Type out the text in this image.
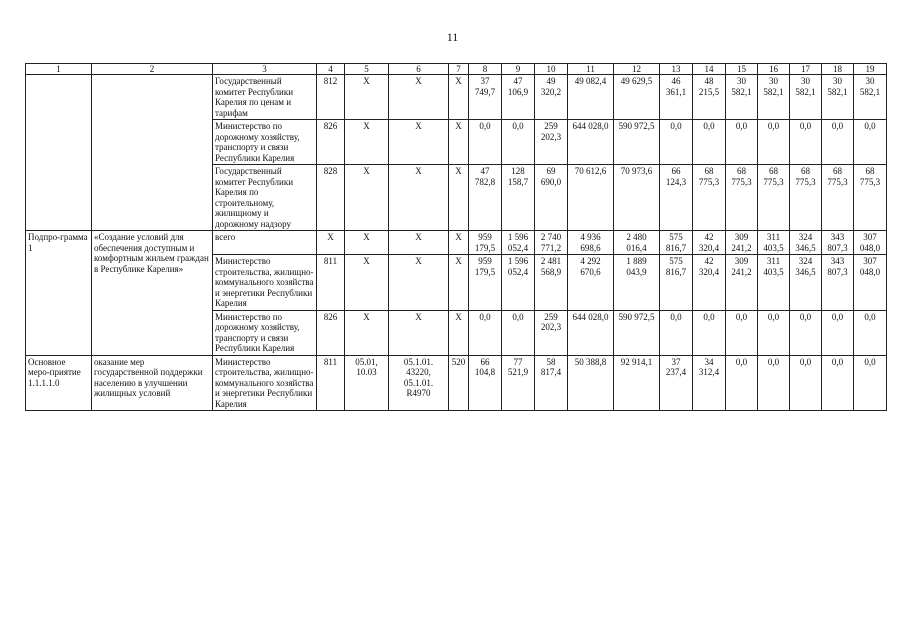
11
1	2	3	4	5	6	7	8	9	10	11	12	13	14	15	16	17	18	19
		Государственный комитет Республики Карелия по ценам и тарифам	812	Х	Х	Х	37 749,7	47 106,9	49 320,2	49 082,4	49 629,5	46 361,1	48 215,5	30 582,1	30 582,1	30 582,1	30 582,1	30 582,1
		Министерство по дорожному хозяйству, транспорту и связи Республики Карелия	826	Х	Х	Х	0,0	0,0	259 202,3	644 028,0	590 972,5	0,0	0,0	0,0	0,0	0,0	0,0	0,0
		Государственный комитет Республики Карелия по строительному, жилищному и дорожному надзору	828	Х	Х	Х	47 782,8	128 158,7	69 690,0	70 612,6	70 973,6	66 124,3	68 775,3	68 775,3	68 775,3	68 775,3	68 775,3	68 775,3
Подпро-грамма 1	«Создание условий для обеспечения доступным и комфортным жильем граждан в Республике Карелия»	всего	Х	Х	Х	Х	959 179,5	1 596 052,4	2 740 771,2	4 936 698,6	2 480 016,4	575 816,7	42 320,4	309 241,2	311 403,5	324 346,5	343 807,3	307 048,0
		Министерство строительства, жилищно-коммунального хозяйства и энергетики Республики Карелия	811	Х	Х	Х	959 179,5	1 596 052,4	2 481 568,9	4 292 670,6	1 889 043,9	575 816,7	42 320,4	309 241,2	311 403,5	324 346,5	343 807,3	307 048,0
		Министерство по дорожному хозяйству, транспорту и связи Республики Карелия	826	Х	Х	Х	0,0	0,0	259 202,3	644 028,0	590 972,5	0,0	0,0	0,0	0,0	0,0	0,0	0,0
Основное меро-приятие 1.1.1.1.0	оказание мер государственной поддержки населению в улучшении жилищных условий	Министерство строительства, жилищно-коммунального хозяйства и энергетики Республики Карелия	811	05.01, 10.03	05.1.01. 43220, 05.1.01. R4970	520	66 104,8	77 521,9	58 817,4	50 388,8	92 914,1	37 237,4	34 312,4	0,0	0,0	0,0	0,0	0,0
